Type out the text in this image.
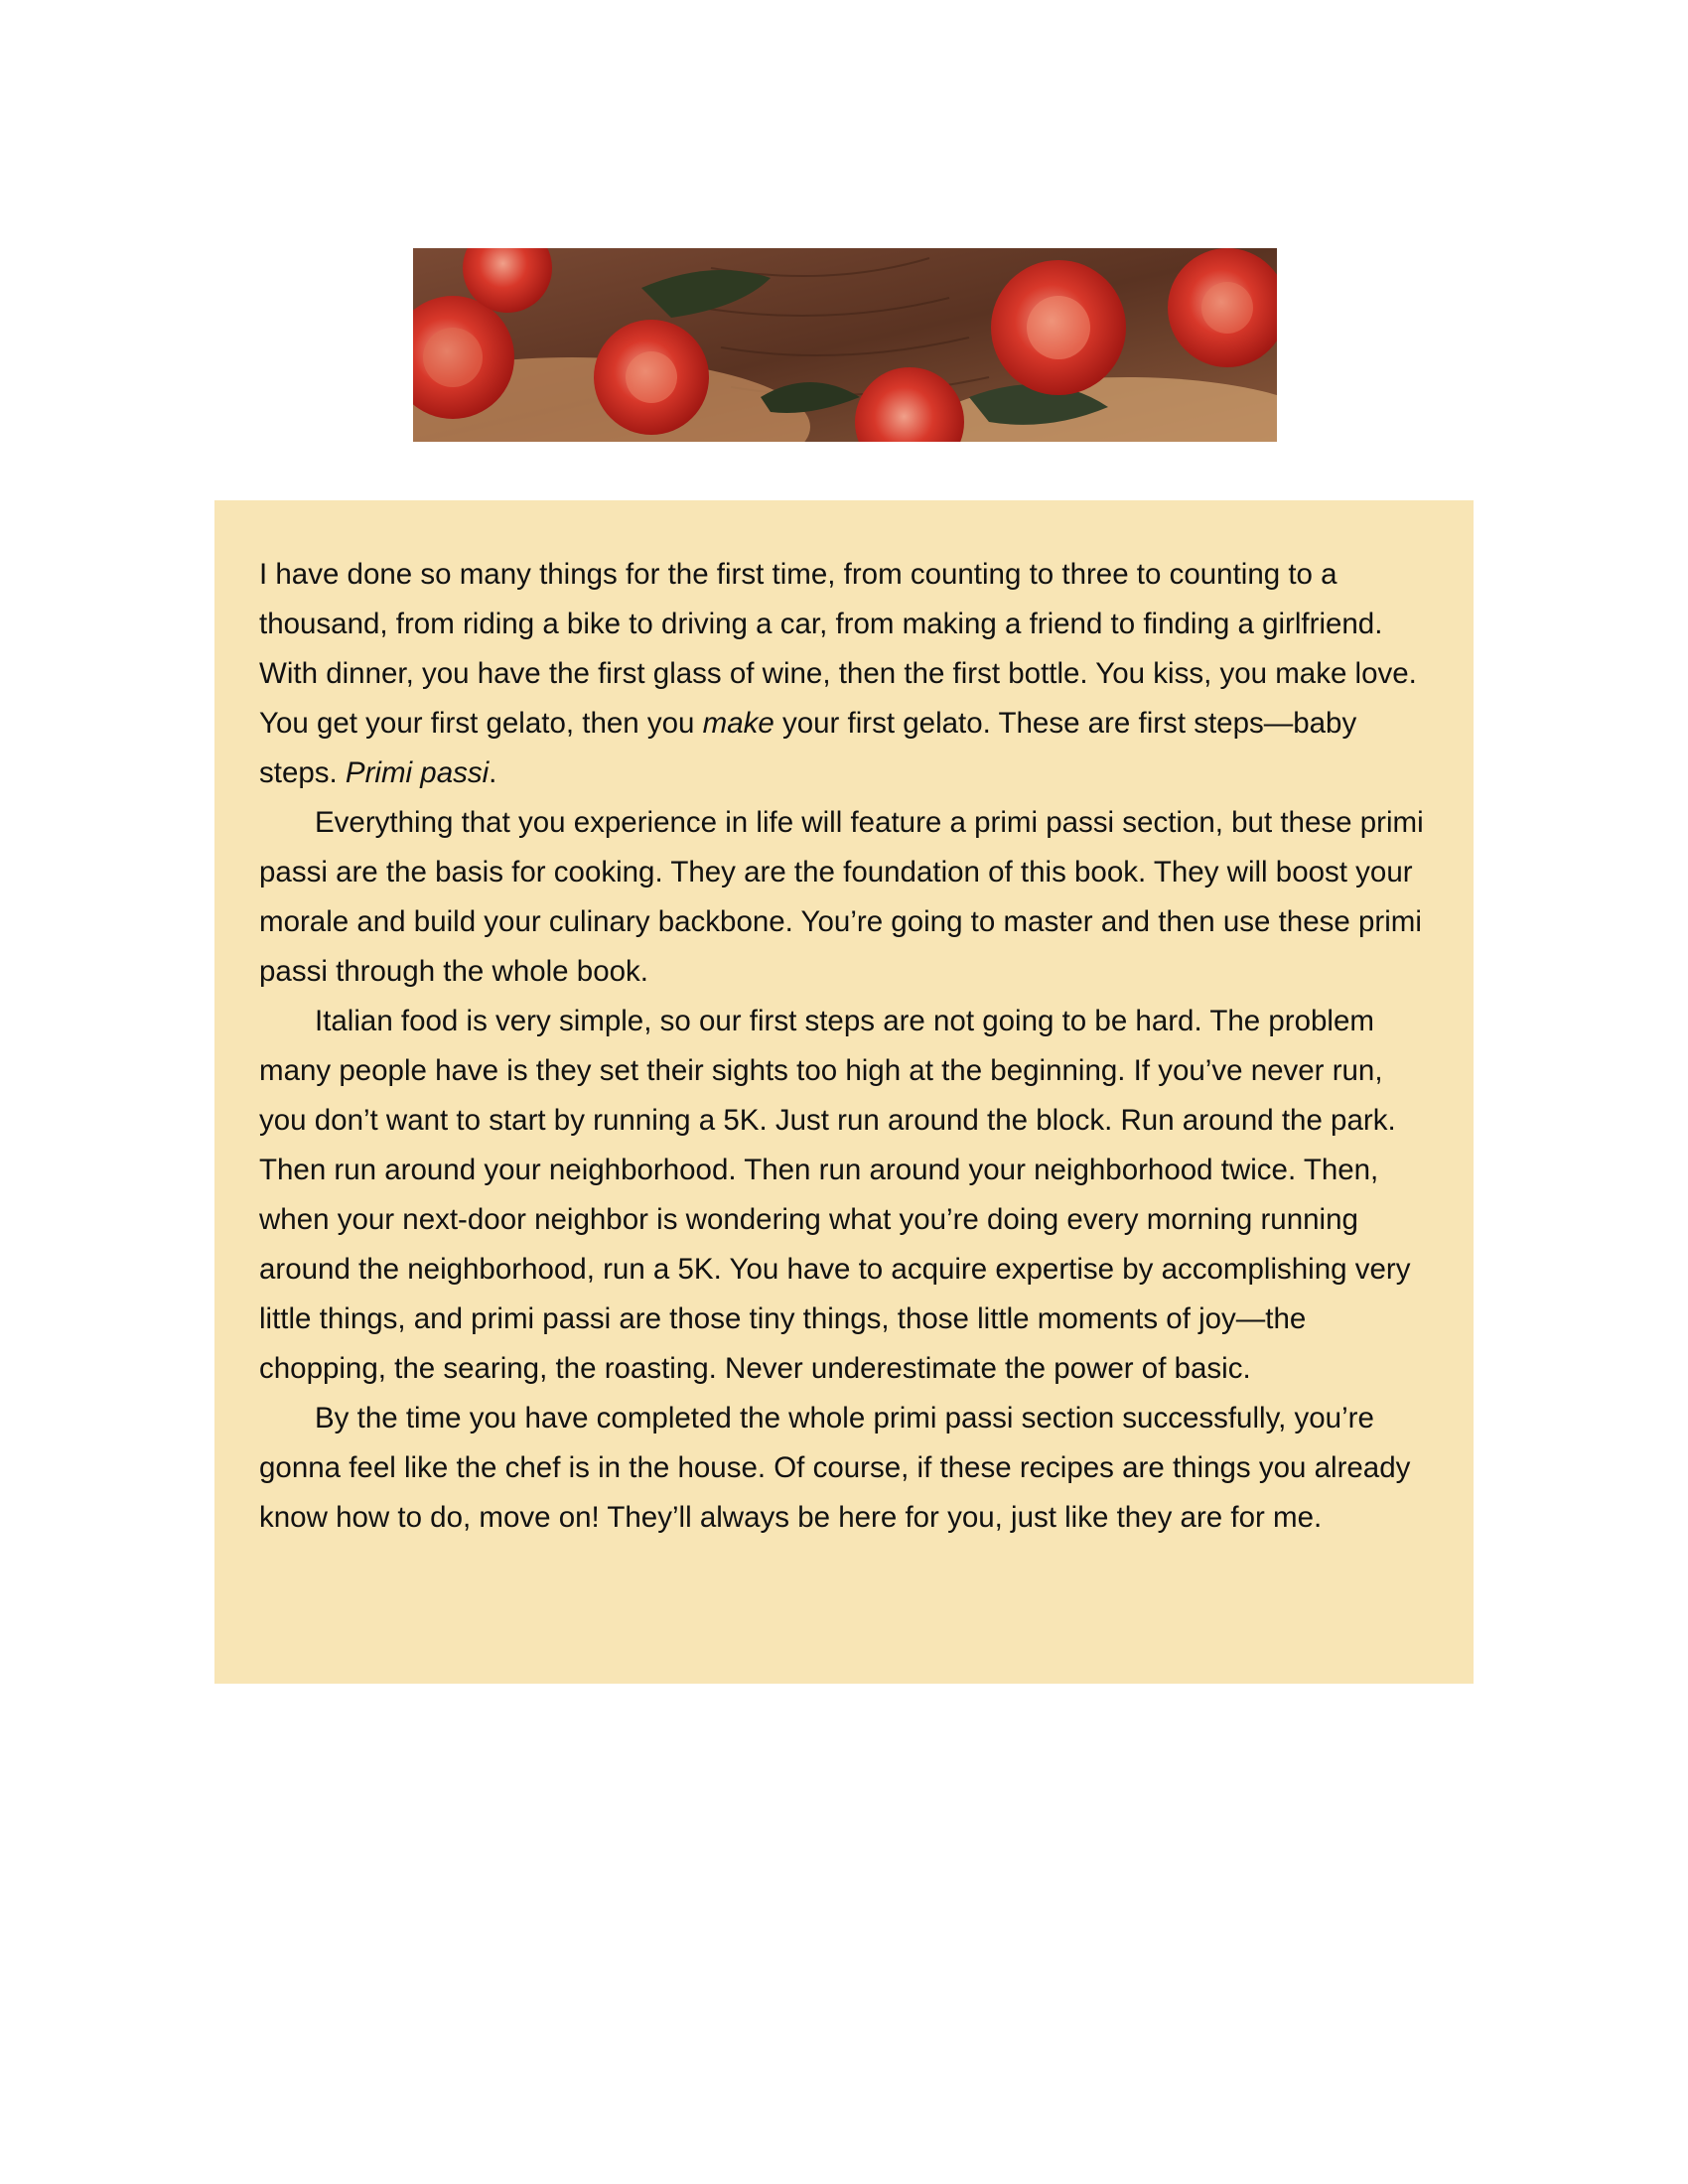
I have done so many things for the first time, from counting to three to counting to a thousand, from riding a bike to driving a car, from making a friend to finding a girlfriend. With dinner, you have the first glass of wine, then the first bottle. You kiss, you make love. You get your first gelato, then you make your first gelato. These are first steps—baby steps. Primi passi.

Everything that you experience in life will feature a primi passi section, but these primi passi are the basis for cooking. They are the foundation of this book. They will boost your morale and build your culinary backbone. You’re going to master and then use these primi passi through the whole book.

Italian food is very simple, so our first steps are not going to be hard. The problem many people have is they set their sights too high at the beginning. If you’ve never run, you don’t want to start by running a 5K. Just run around the block. Run around the park. Then run around your neighborhood. Then run around your neighborhood twice. Then, when your next-door neighbor is wondering what you’re doing every morning running around the neighborhood, run a 5K. You have to acquire expertise by accomplishing very little things, and primi passi are those tiny things, those little moments of joy—the chopping, the searing, the roasting. Never underestimate the power of basic.

By the time you have completed the whole primi passi section successfully, you’re gonna feel like the chef is in the house. Of course, if these recipes are things you already know how to do, move on! They’ll always be here for you, just like they are for me.
